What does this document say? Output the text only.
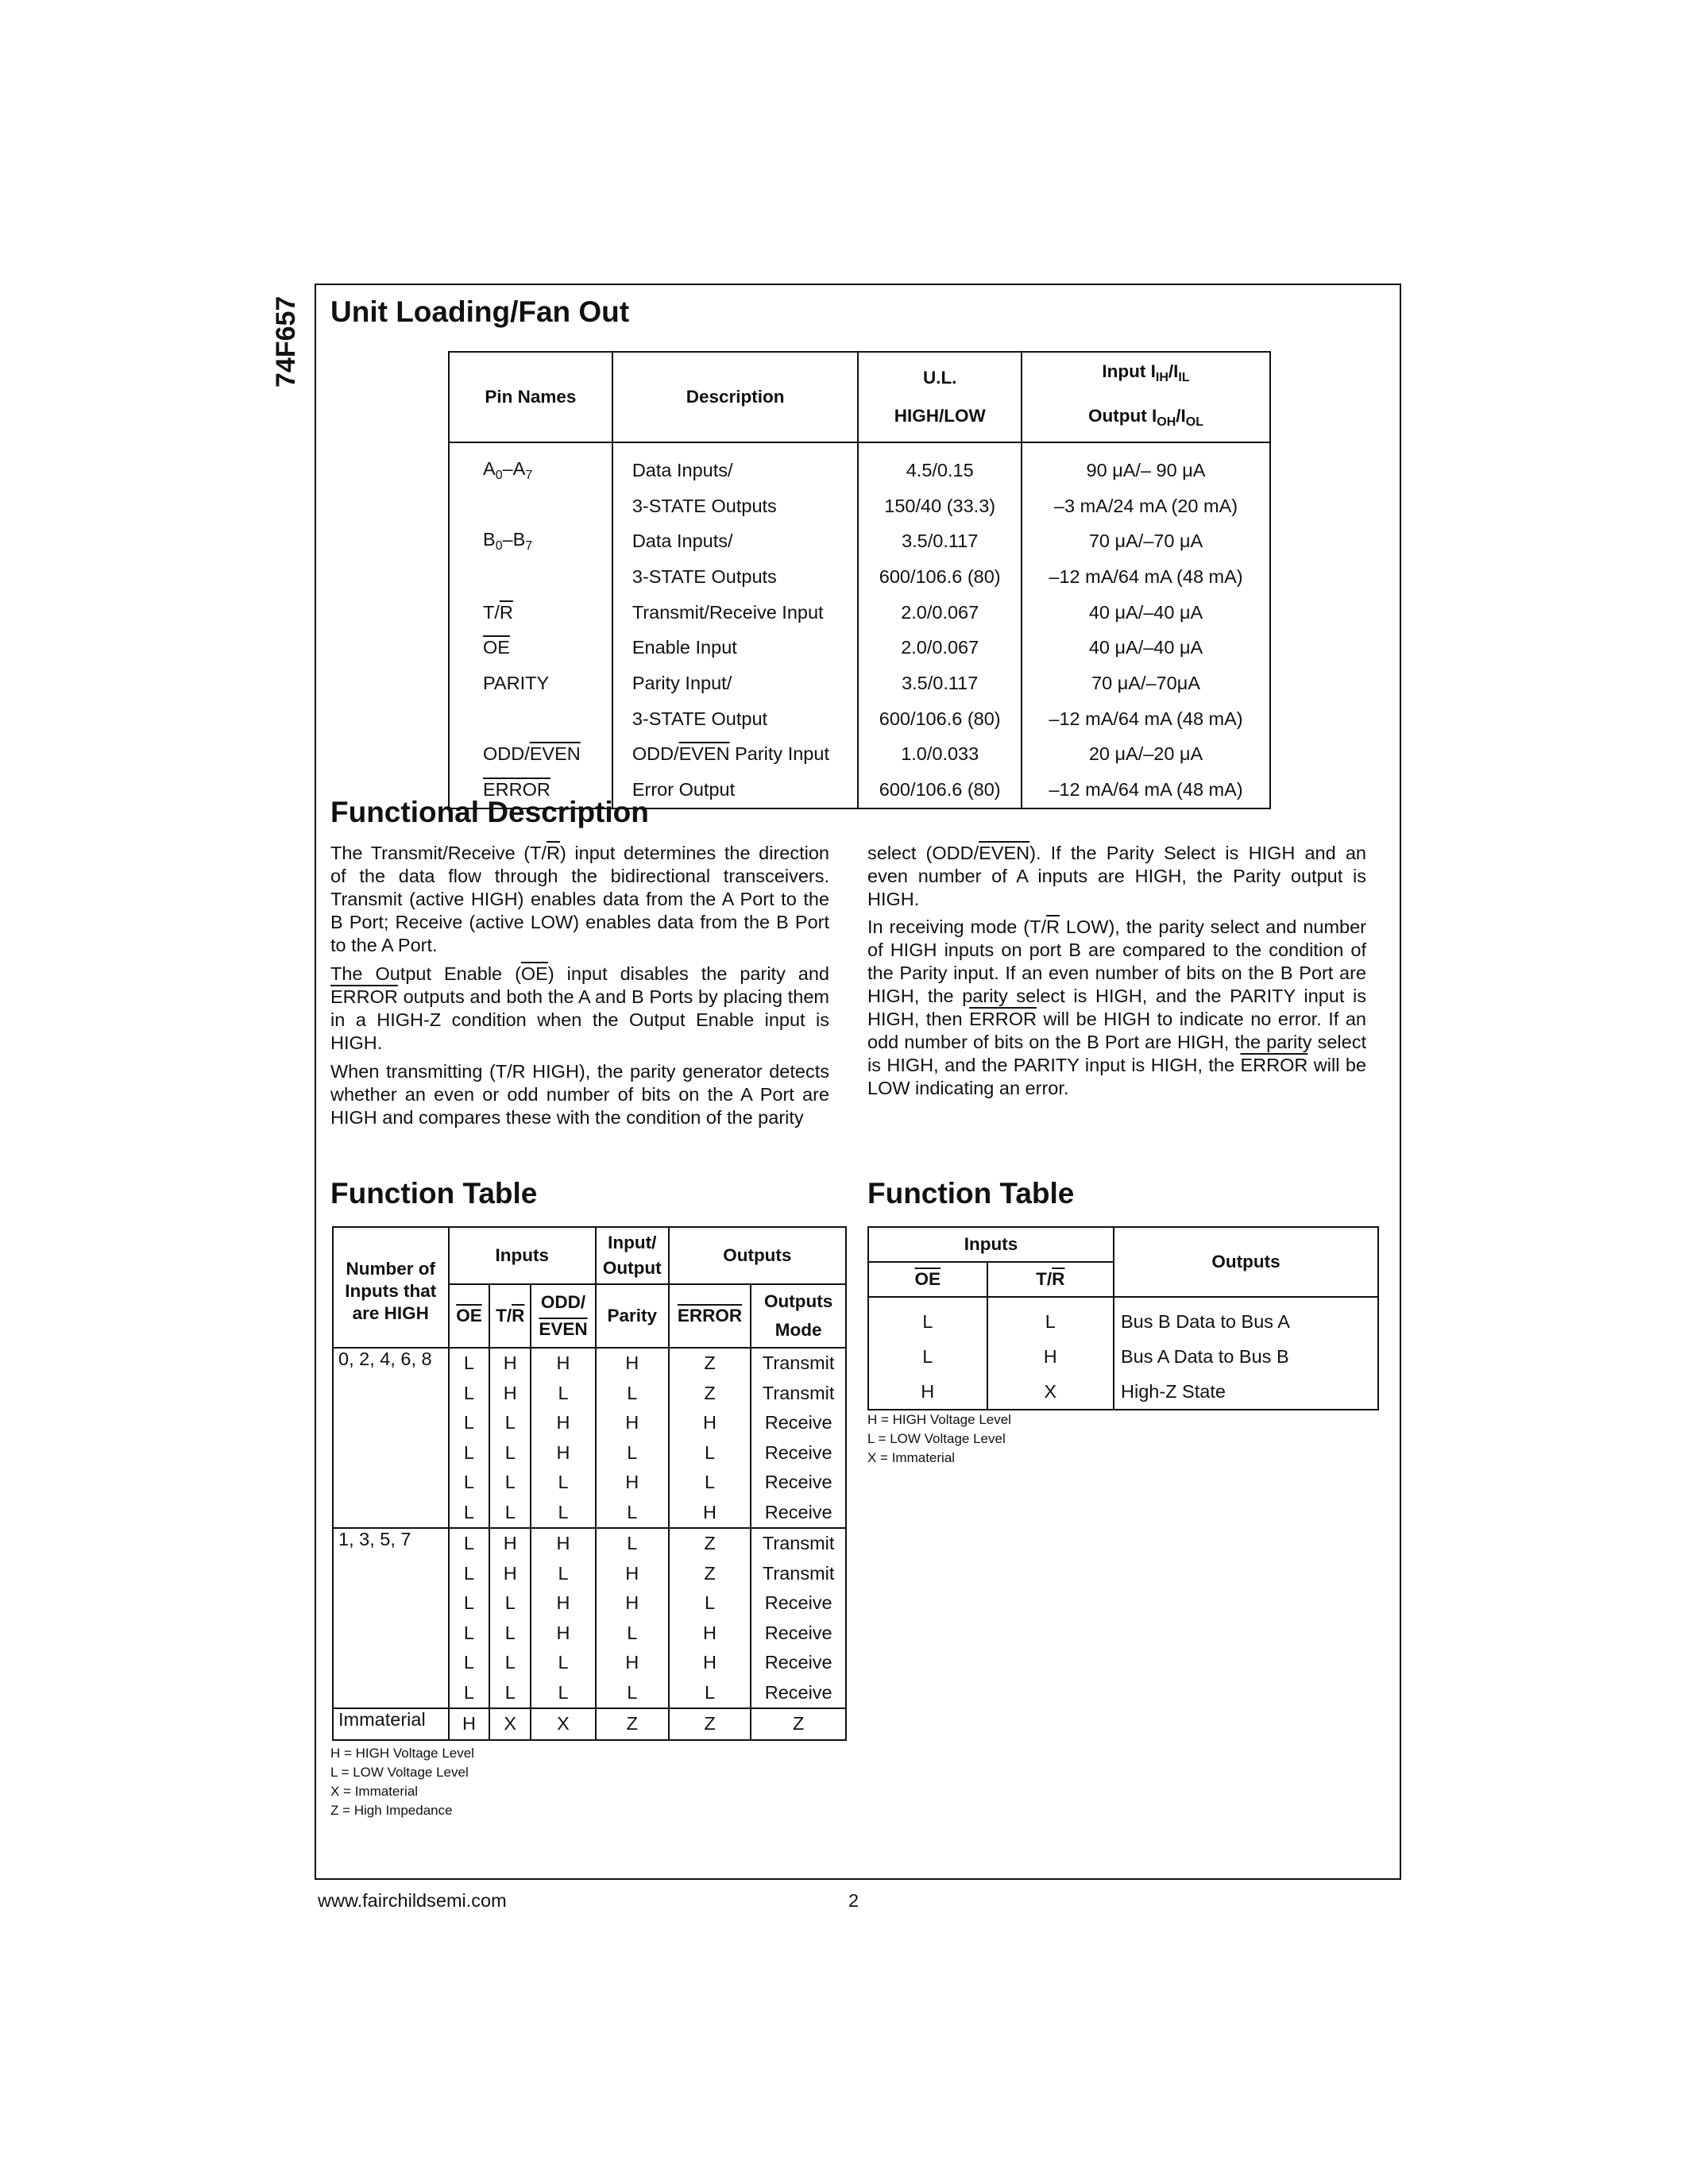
74F657 Unit Loading/Fan Out
Pin Names	Description	U.L.
HIGH/LOW	Input $I_{IH}/I_{IL}$
Output $I_{OH}/I_{OL}$

$A_0-A_7$	Data Inputs/	4.5/0.15	90 μA/– 90 μA
	3-STATE Outputs	150/40 (33.3)	–3 mA/24 mA (20 mA)
$B_0-B_7$	Data Inputs/	3.5/0.117	70 μA/–70 μA
	3-STATE Outputs	600/106.6 (80)	–12 mA/64 mA (48 mA)
$T/\overline{R}$	Transmit/Receive Input	2.0/0.067	40 μA/–40 μA
$\overline{OE}$	Enable Input	2.0/0.067	40 μA/–40 μA
PARITY	Parity Input/	3.5/0.117	70 μA/–70μA
	3-STATE Output	600/106.6 (80)	–12 mA/64 mA (48 mA)
ODD/EVEN	ODD/EVEN Parity Input	1.0/0.033	20 μA/–20 μA
ERROR	Error Output	600/106.6 (80)	–12 mA/64 mA (48 mA)
Functional Description

The Transmit/Receive $(T/\overline{R})$ input determines the direction of the data flow through the bidirectional transceivers. Transmit (active HIGH) enables data from the A Port to the B Port; Receive (active LOW) enables data from the B Port to the A Port.

The Output Enable $(\overline{OE})$ input disables the parity and ERROR outputs and both the A and B Ports by placing them in a HIGH-Z condition when the Output Enable input is HIGH.

When transmitting (T/R HIGH), the parity generator detects whether an even or odd number of bits on the A Port are HIGH and compares these with the condition of the parity

select (ODD/EVEN). If the Parity Select is HIGH and an even number of A inputs are HIGH, the Parity output is HIGH.

In receiving mode ($T/\overline{R}$ LOW), the parity select and number of HIGH inputs on port B are compared to the condition of the Parity input. If an even number of bits on the B Port are HIGH, the parity select is HIGH, and the PARITY input is HIGH, then ERROR will be HIGH to indicate no error. If an odd number of bits on the B Port are HIGH, the parity select is HIGH, and the PARITY input is HIGH, the ERROR will be LOW indicating an error.

Function Table
Number of Inputs that are HIGH	Inputs			Input/ Output	Outputs	
	$\overline{OE}$	$T/\overline{R}$	ODD/
EVEN	Parity	ERROR	Outputs
Mode
0, 2, 4, 6, 8	L	H	H	H	Z	Transmit
	L	H	L	L	Z	Transmit
	L	L	H	H	H	Receive
	L	L	H	L	L	Receive
	L	L	L	H	L	Receive
	L	L	L	L	H	Receive
1, 3, 5, 7	L	H	H	L	Z	Transmit
	L	H	L	H	Z	Transmit
	L	L	H	H	L	Receive
	L	L	H	L	H	Receive
	L	L	L	H	H	Receive
	L	L	L	L	L	Receive
Immaterial	H	X	X	Z	Z	Z
H = HIGH Voltage Level
L = LOW Voltage Level
X = Immaterial
Z = High Impedance
Function Table
Inputs		Outputs
$\overline{OE}$	$T/\overline{R}$
L	L	Bus B Data to Bus A
L	H	Bus A Data to Bus B
H	X	High-Z State
H = HIGH Voltage Level
L = LOW Voltage Level
X = Immaterial
www.fairchildsemi.com	2
